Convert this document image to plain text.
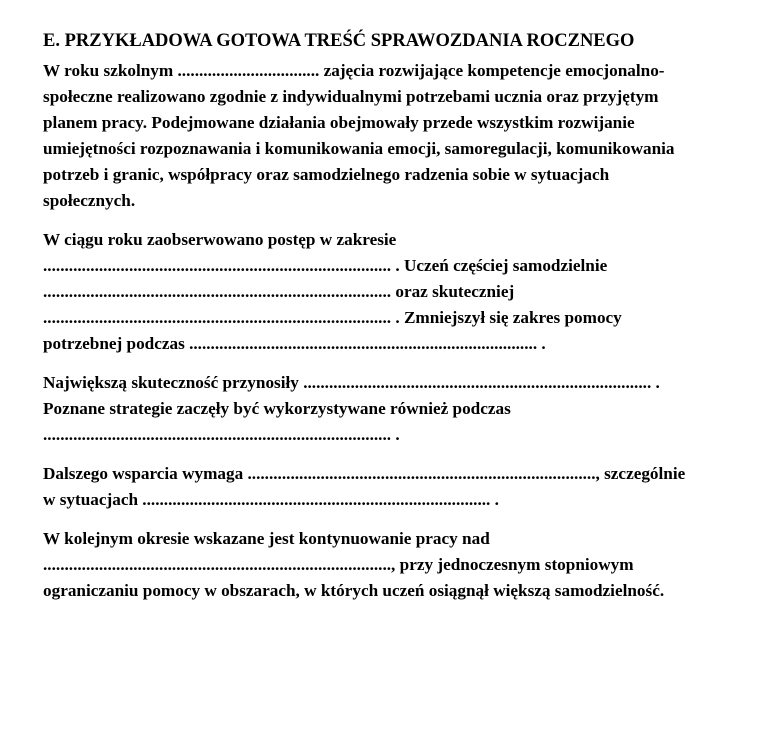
E. PRZYKŁADOWA GOTOWA TREŚĆ SPRAWOZDANIA ROCZNEGO
W roku szkolnym ................................. zajęcia rozwijające kompetencje emocjonalno-
społeczne realizowano zgodnie z indywidualnymi potrzebami ucznia oraz przyjętym
planem pracy. Podejmowane działania obejmowały przede wszystkim rozwijanie
umiejętności rozpoznawania i komunikowania emocji, samoregulacji, komunikowania
potrzeb i granic, współpracy oraz samodzielnego radzenia sobie w sytuacjach
społecznych.
W ciągu roku zaobserwowano postęp w zakresie
................................................................................. . Uczeń częściej samodzielnie
................................................................................. oraz skuteczniej
................................................................................. . Zmniejszył się zakres pomocy
potrzebnej podczas ................................................................................. .
Największą skuteczność przynosiły ................................................................................. .
Poznane strategie zaczęły być wykorzystywane również podczas
................................................................................. .
Dalszego wsparcia wymaga ................................................................................., szczególnie
w sytuacjach ................................................................................. .
W kolejnym okresie wskazane jest kontynuowanie pracy nad
................................................................................., przy jednoczesnym stopniowym
ograniczaniu pomocy w obszarach, w których uczeń osiągnął większą samodzielność.
